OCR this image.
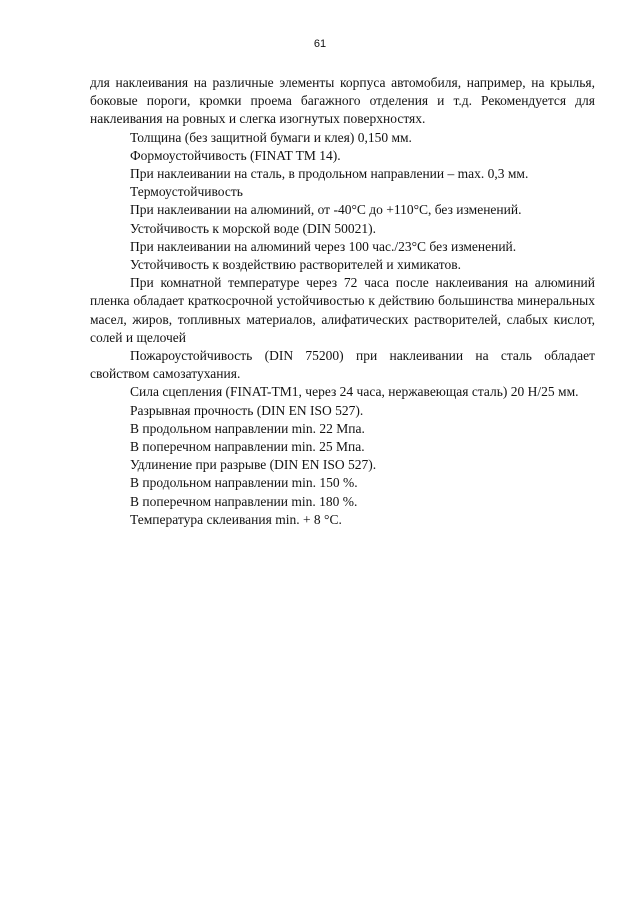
61

для наклеивания на различные элементы корпуса автомобиля, например, на крылья, боковые пороги, кромки проема багажного отделения и т.д. Рекомендуется для наклеивания на ровных и слегка изогнутых поверхностях.

Толщина (без защитной бумаги и клея) 0,150 мм.

Формоустойчивость (FINAT TM 14).

При наклеивании на сталь, в продольном направлении – max. 0,3 мм.

Термоустойчивость

При наклеивании на алюминий, от -40°C до +110°C, без изменений.

Устойчивость к морской воде (DIN 50021).

При наклеивании на алюминий через 100 час./23°C без изменений.

Устойчивость к воздействию растворителей и химикатов.

При комнатной температуре через 72 часа после наклеивания на алюминий пленка обладает краткосрочной устойчивостью к действию большинства минеральных масел, жиров, топливных материалов, алифатических растворителей, слабых кислот, солей и щелочей

Пожароустойчивость (DIN 75200) при наклеивании на сталь обладает свойством самозатухания.

Сила сцепления (FINAT-TM1, через 24 часа, нержавеющая сталь) 20 Н/25 мм.

Разрывная прочность (DIN EN ISO 527).

В продольном направлении min. 22 Мпа.

В поперечном направлении min. 25 Мпа.

Удлинение при разрыве (DIN EN ISO 527).

В продольном направлении min. 150 %.

В поперечном направлении min. 180 %.

Температура склеивания min. + 8 °C.
